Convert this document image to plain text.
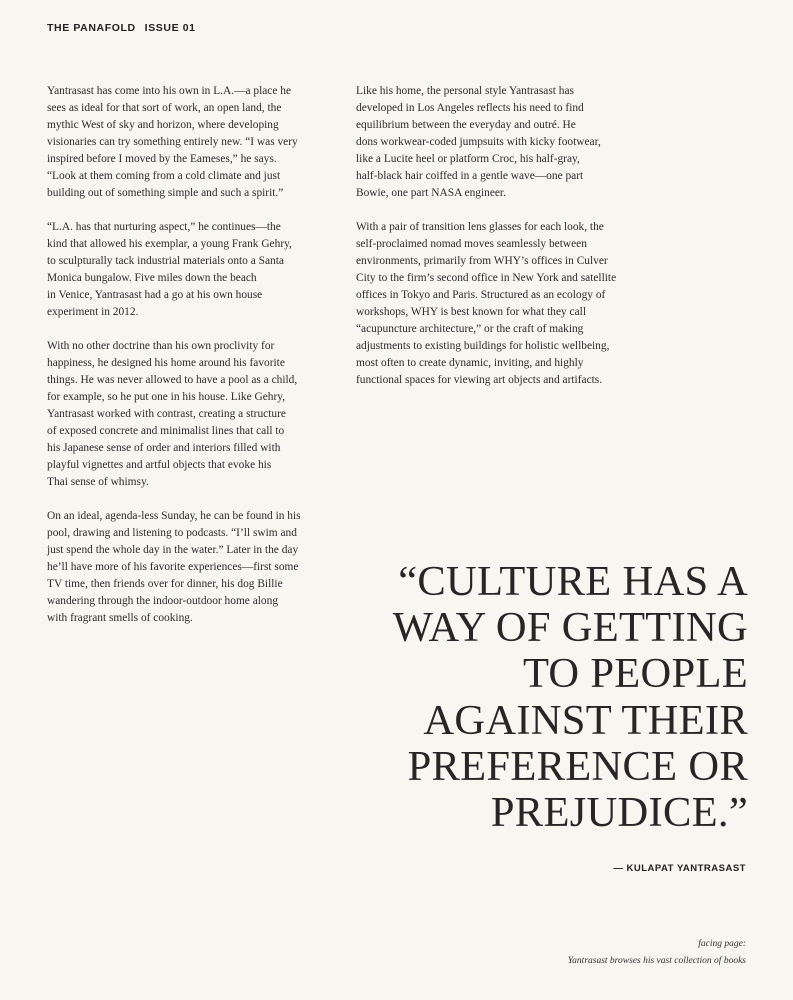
THE PANAFOLD ISSUE 01

Yantrasast has come into his own in L.A.—a place he
sees as ideal for that sort of work, an open land, the
mythic West of sky and horizon, where developing
visionaries can try something entirely new. “I was very
inspired before I moved by the Eameses,” he says.
“Look at them coming from a cold climate and just
building out of something simple and such a spirit.”

“L.A. has that nurturing aspect,” he continues—the
kind that allowed his exemplar, a young Frank Gehry,
to sculpturally tack industrial materials onto a Santa
Monica bungalow. Five miles down the beach
in Venice, Yantrasast had a go at his own house
experiment in 2012.

With no other doctrine than his own proclivity for
happiness, he designed his home around his favorite
things. He was never allowed to have a pool as a child,
for example, so he put one in his house. Like Gehry,
Yantrasast worked with contrast, creating a structure
of exposed concrete and minimalist lines that call to
his Japanese sense of order and interiors filled with
playful vignettes and artful objects that evoke his
Thai sense of whimsy.

On an ideal, agenda-less Sunday, he can be found in his
pool, drawing and listening to podcasts. “I’ll swim and
just spend the whole day in the water.” Later in the day
he’ll have more of his favorite experiences—first some
TV time, then friends over for dinner, his dog Billie
wandering through the indoor-outdoor home along
with fragrant smells of cooking.

Like his home, the personal style Yantrasast has
developed in Los Angeles reflects his need to find
equilibrium between the everyday and outré. He
dons workwear-coded jumpsuits with kicky footwear,
like a Lucite heel or platform Croc, his half-gray,
half-black hair coiffed in a gentle wave—one part
Bowie, one part NASA engineer.

With a pair of transition lens glasses for each look, the
self-proclaimed nomad moves seamlessly between
environments, primarily from WHY’s offices in Culver
City to the firm’s second office in New York and satellite
offices in Tokyo and Paris. Structured as an ecology of
workshops, WHY is best known for what they call
“acupuncture architecture,” or the craft of making
adjustments to existing buildings for holistic wellbeing,
most often to create dynamic, inviting, and highly
functional spaces for viewing art objects and artifacts.

“CULTURE HAS A
WAY OF GETTING
TO PEOPLE
AGAINST THEIR
PREFERENCE OR
PREJUDICE.”
— KULAPAT YANTRASAST
facing page:
Yantrasast browses his vast collection of books
